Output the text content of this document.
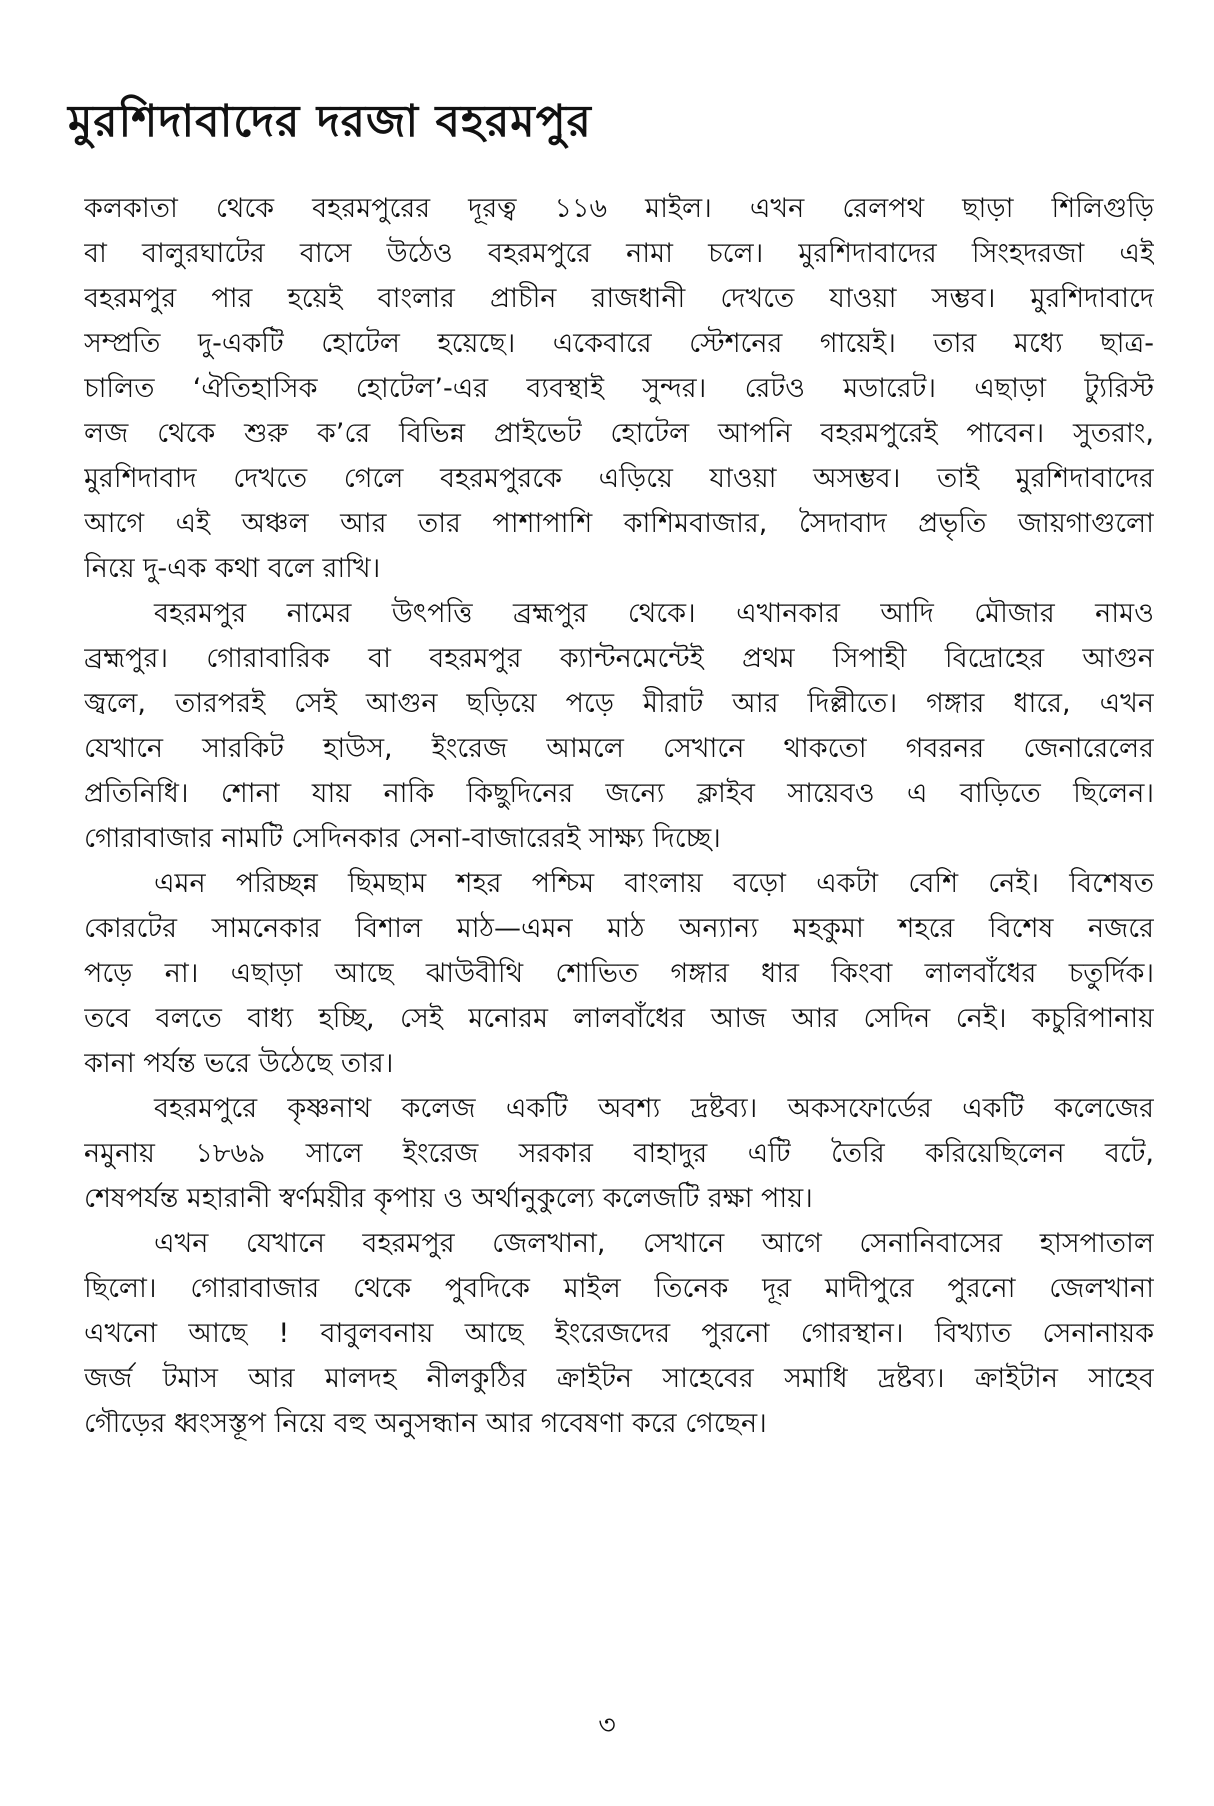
মুরশিদাবাদের দরজা বহরমপুর
কলকাতা থেকে বহরমপুরের দূরত্ব ১১৬ মাইল। এখন রেলপথ ছাড়া শিলিগুড়ি
বা বালুরঘাটের বাসে উঠেও বহরমপুরে নামা চলে। মুরশিদাবাদের সিংহদরজা এই
বহরমপুর পার হয়েই বাংলার প্রাচীন রাজধানী দেখতে যাওয়া সম্ভব। মুরশিদাবাদে
সম্প্রতি দু-একটি হোটেল হয়েছে। একেবারে স্টেশনের গায়েই। তার মধ্যে ছাত্র-
চালিত ‘ঐতিহাসিক হোটেল’-এর ব্যবস্থাই সুন্দর। রেটও মডারেট। এছাড়া ট্যুরিস্ট
লজ থেকে শুরু ক’রে বিভিন্ন প্রাইভেট হোটেল আপনি বহরমপুরেই পাবেন। সুতরাং,
মুরশিদাবাদ দেখতে গেলে বহরমপুরকে এড়িয়ে যাওয়া অসম্ভব। তাই মুরশিদাবাদের
আগে এই অঞ্চল আর তার পাশাপাশি কাশিমবাজার, সৈদাবাদ প্রভৃতি জায়গাগুলো
নিয়ে দু-এক কথা বলে রাখি।
বহরমপুর নামের উৎপত্তি ব্রহ্মপুর থেকে। এখানকার আদি মৌজার নামও
ব্রহ্মপুর। গোরাবারিক বা বহরমপুর ক্যান্টনমেন্টেই প্রথম সিপাহী বিদ্রোহের আগুন
জ্বলে, তারপরই সেই আগুন ছড়িয়ে পড়ে মীরাট আর দিল্লীতে। গঙ্গার ধারে, এখন
যেখানে সারকিট হাউস, ইংরেজ আমলে সেখানে থাকতো গবরনর জেনারেলের
প্রতিনিধি। শোনা যায় নাকি কিছুদিনের জন্যে ক্লাইব সায়েবও এ বাড়িতে ছিলেন।
গোরাবাজার নামটি সেদিনকার সেনা-বাজারেরই সাক্ষ্য দিচ্ছে।
এমন পরিচ্ছন্ন ছিমছাম শহর পশ্চিম বাংলায় বড়ো একটা বেশি নেই। বিশেষত
কোরটের সামনেকার বিশাল মাঠ—এমন মাঠ অন্যান্য মহকুমা শহরে বিশেষ নজরে
পড়ে না। এছাড়া আছে ঝাউবীথি শোভিত গঙ্গার ধার কিংবা লালবাঁধের চতুর্দিক।
তবে বলতে বাধ্য হচ্ছি, সেই মনোরম লালবাঁধের আজ আর সেদিন নেই। কচুরিপানায়
কানা পর্যন্ত ভরে উঠেছে তার।
বহরমপুরে কৃষ্ণনাথ কলেজ একটি অবশ্য দ্রষ্টব্য। অকসফোর্ডের একটি কলেজের
নমুনায় ১৮৬৯ সালে ইংরেজ সরকার বাহাদুর এটি তৈরি করিয়েছিলেন বটে,
শেষপর্যন্ত মহারানী স্বর্ণময়ীর কৃপায় ও অর্থানুকুল্যে কলেজটি রক্ষা পায়।
এখন যেখানে বহরমপুর জেলখানা, সেখানে আগে সেনানিবাসের হাসপাতাল
ছিলো। গোরাবাজার থেকে পুবদিকে মাইল তিনেক দূর মাদীপুরে পুরনো জেলখানা
এখনো আছে ! বাবুলবনায় আছে ইংরেজদের পুরনো গোরস্থান। বিখ্যাত সেনানায়ক
জর্জ টমাস আর মালদহ নীলকুঠির ক্রাইটন সাহেবের সমাধি দ্রষ্টব্য। ক্রাইটান সাহেব
গৌড়ের ধ্বংসস্তূপ নিয়ে বহু অনুসন্ধান আর গবেষণা করে গেছেন।
৩
